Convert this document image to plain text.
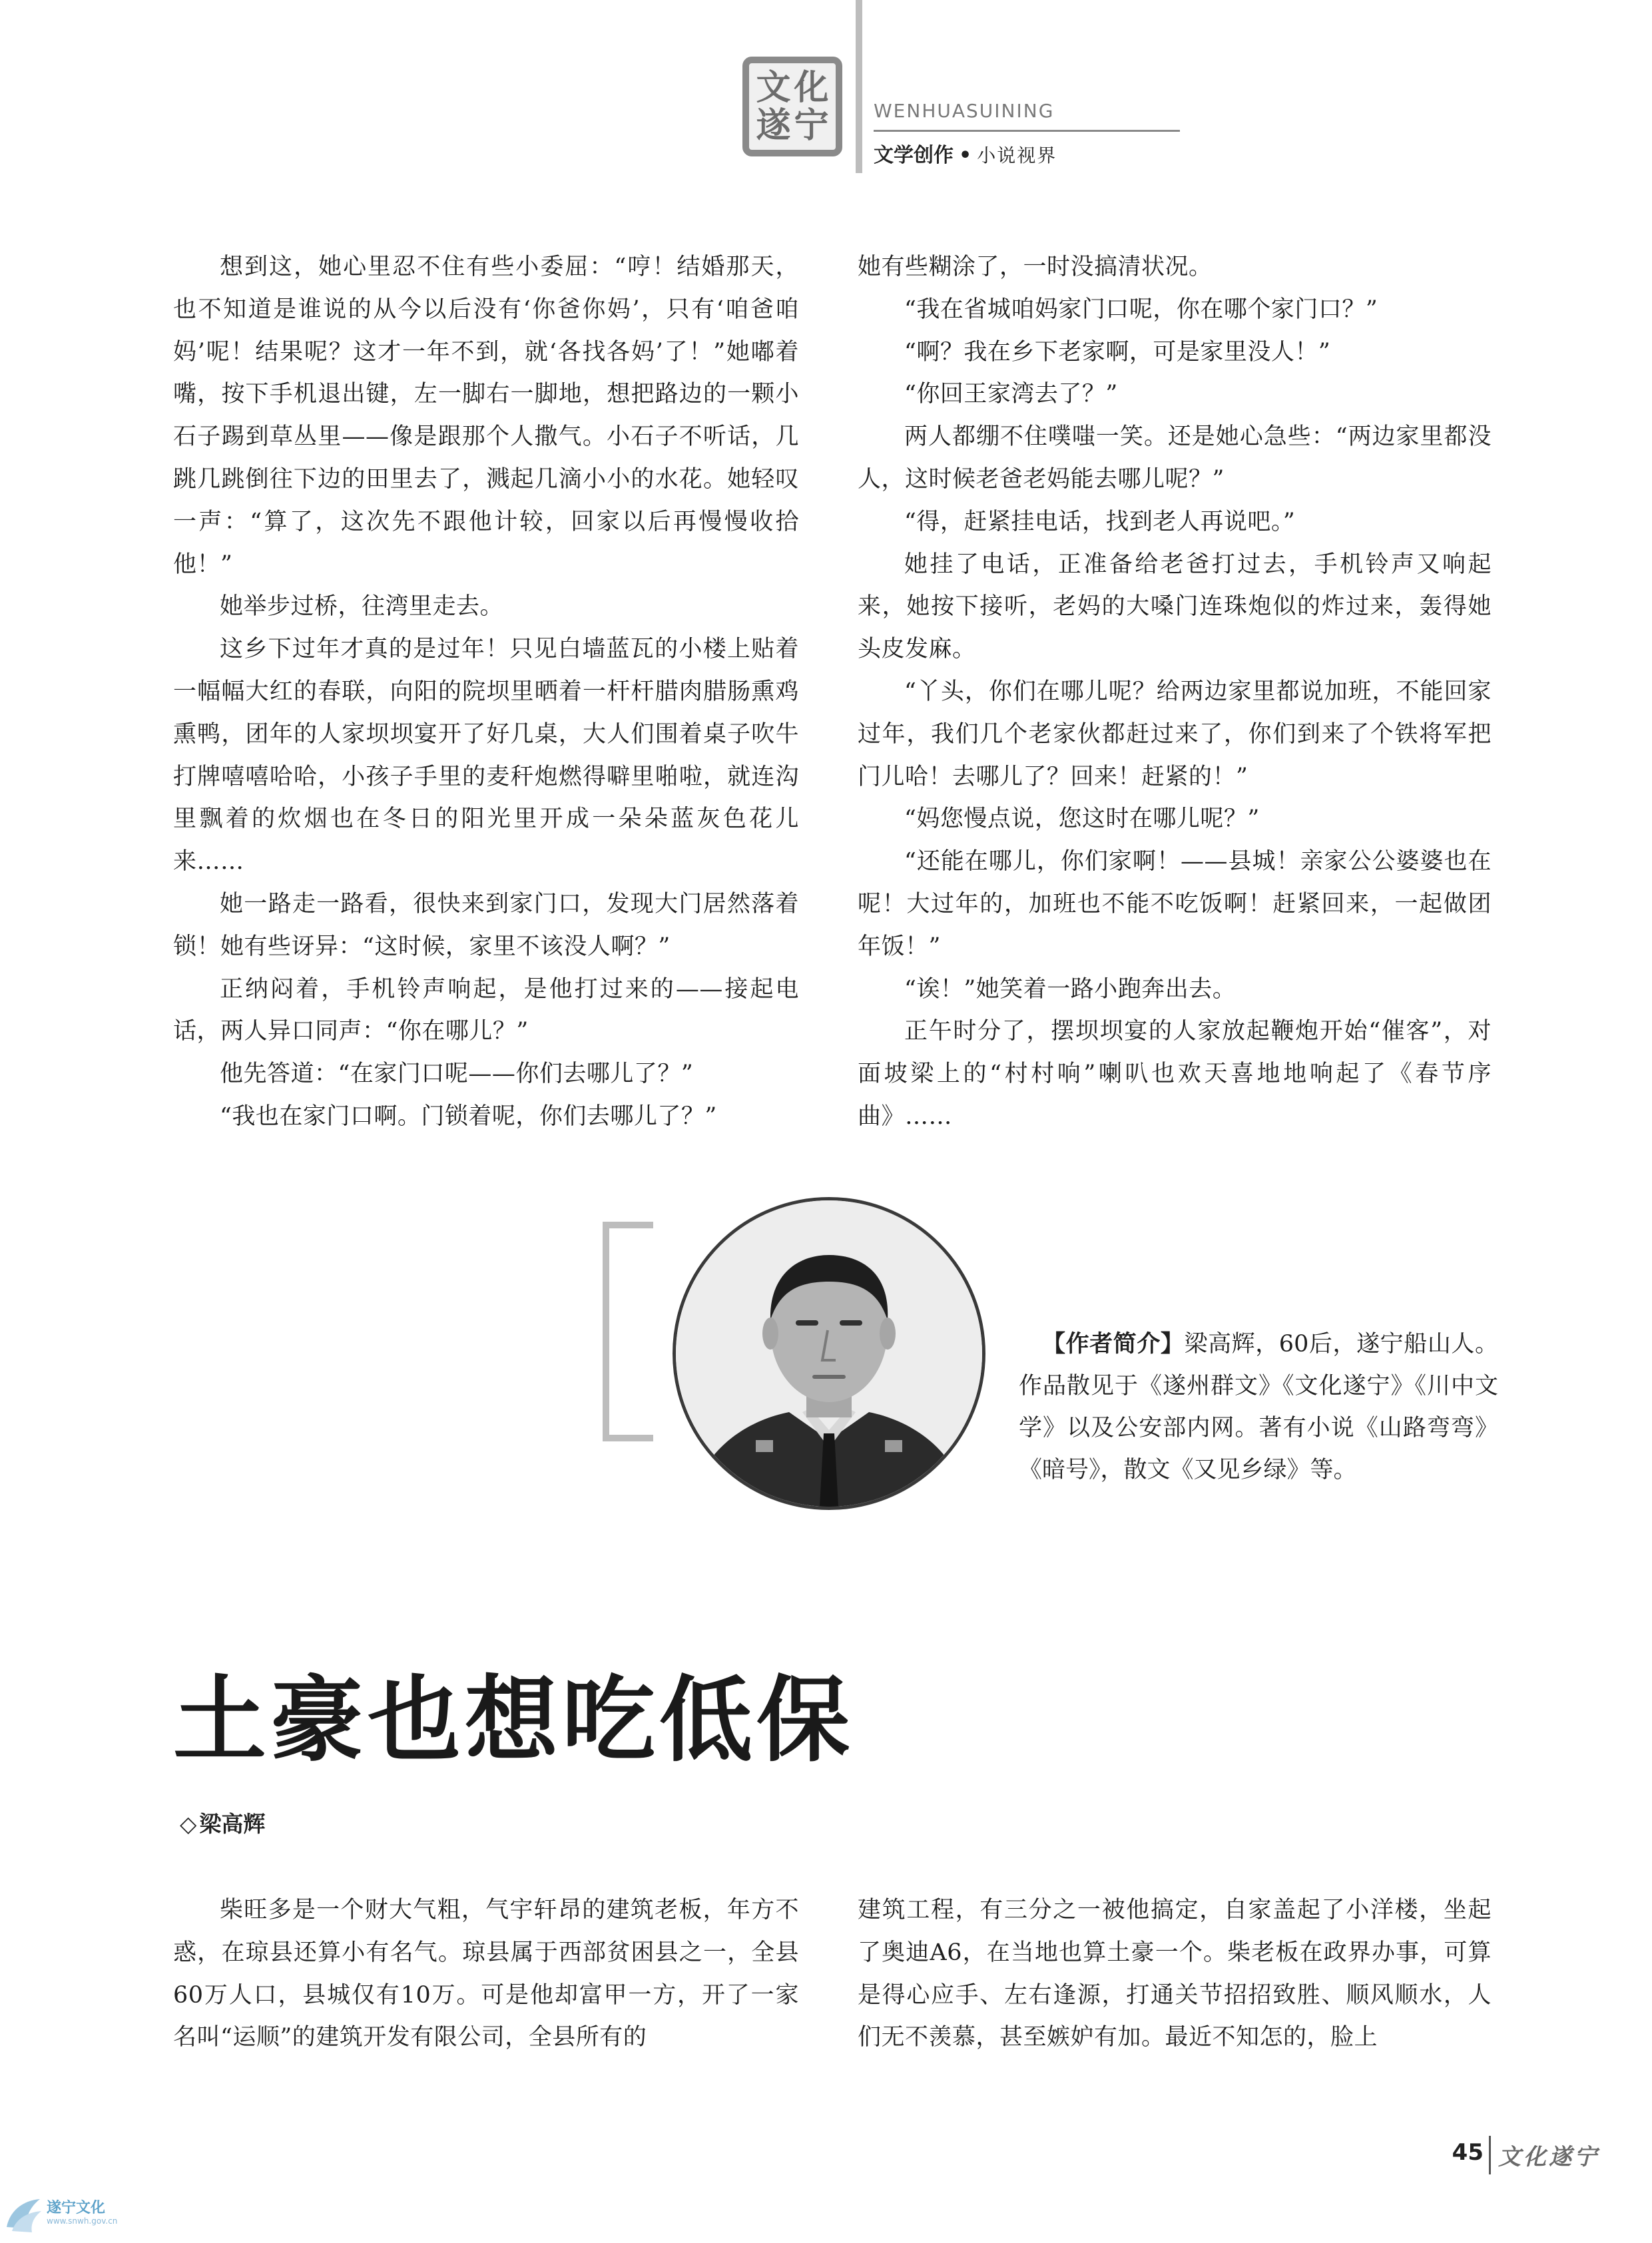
文 化
遂 宁 WENHUASUINING
文学创作 • 小说视界

想到这，她心里忍不住有些小委屈：“哼！结婚那天，也不知道是谁说的从今以后没有‘你爸你妈’，只有‘咱爸咱妈’呢！结果呢？这才一年不到，就‘各找各妈’了！”她嘟着嘴，按下手机退出键，左一脚右一脚地，想把路边的一颗小石子踢到草丛里——像是跟那个人撒气。小石子不听话，几跳几跳倒往下边的田里去了，溅起几滴小小的水花。她轻叹一声：“算了，这次先不跟他计较，回家以后再慢慢收拾他！”

她举步过桥，往湾里走去。

这乡下过年才真的是过年！只见白墙蓝瓦的小楼上贴着一幅幅大红的春联，向阳的院坝里晒着一杆杆腊肉腊肠熏鸡熏鸭，团年的人家坝坝宴开了好几桌，大人们围着桌子吹牛打牌嘻嘻哈哈，小孩子手里的麦秆炮燃得噼里啪啦，就连沟里飘着的炊烟也在冬日的阳光里开成一朵朵蓝灰色花儿来……

她一路走一路看，很快来到家门口，发现大门居然落着锁！她有些讶异：“这时候，家里不该没人啊？”

正纳闷着，手机铃声响起，是他打过来的——接起电话，两人异口同声：“你在哪儿？”

他先答道：“在家门口呢——你们去哪儿了？”

“我也在家门口啊。门锁着呢，你们去哪儿了？”

她有些糊涂了，一时没搞清状况。

“我在省城咱妈家门口呢，你在哪个家门口？”

“啊？我在乡下老家啊，可是家里没人！”

“你回王家湾去了？”

两人都绷不住噗嗤一笑。还是她心急些：“两边家里都没人，这时候老爸老妈能去哪儿呢？”

“得，赶紧挂电话，找到老人再说吧。”

她挂了电话，正准备给老爸打过去，手机铃声又响起来，她按下接听，老妈的大嗓门连珠炮似的炸过来，轰得她头皮发麻。

“丫头，你们在哪儿呢？给两边家里都说加班，不能回家过年，我们几个老家伙都赶过来了，你们到来了个铁将军把门儿哈！去哪儿了？回来！赶紧的！”

“妈您慢点说，您这时在哪儿呢？”

“还能在哪儿，你们家啊！——县城！亲家公公婆婆也在呢！大过年的，加班也不能不吃饭啊！赶紧回来，一起做团年饭！”

“诶！”她笑着一路小跑奔出去。

正午时分了，摆坝坝宴的人家放起鞭炮开始“催客”，对面坡梁上的“村村响”喇叭也欢天喜地地响起了《春节序曲》……

【作者简介】梁高辉，60后，遂宁船山人。作品散见于《遂州群文》《文化遂宁》《川中文学》以及公安部内网。著有小说《山路弯弯》《暗号》，散文《又见乡绿》等。
土豪也想吃低保
◇ 梁高辉

柴旺多是一个财大气粗，气宇轩昂的建筑老板，年方不惑，在琼县还算小有名气。琼县属于西部贫困县之一，全县60万人口，县城仅有10万。可是他却富甲一方，开了一家名叫“运顺”的建筑开发有限公司，全县所有的

建筑工程，有三分之一被他搞定，自家盖起了小洋楼，坐起了奥迪A6，在当地也算土豪一个。柴老板在政界办事，可算是得心应手、左右逢源，打通关节招招致胜、顺风顺水，人们无不羡慕，甚至嫉妒有加。最近不知怎的，脸上

45 文化遂宁
遂宁文化
www.snwh.gov.cn
